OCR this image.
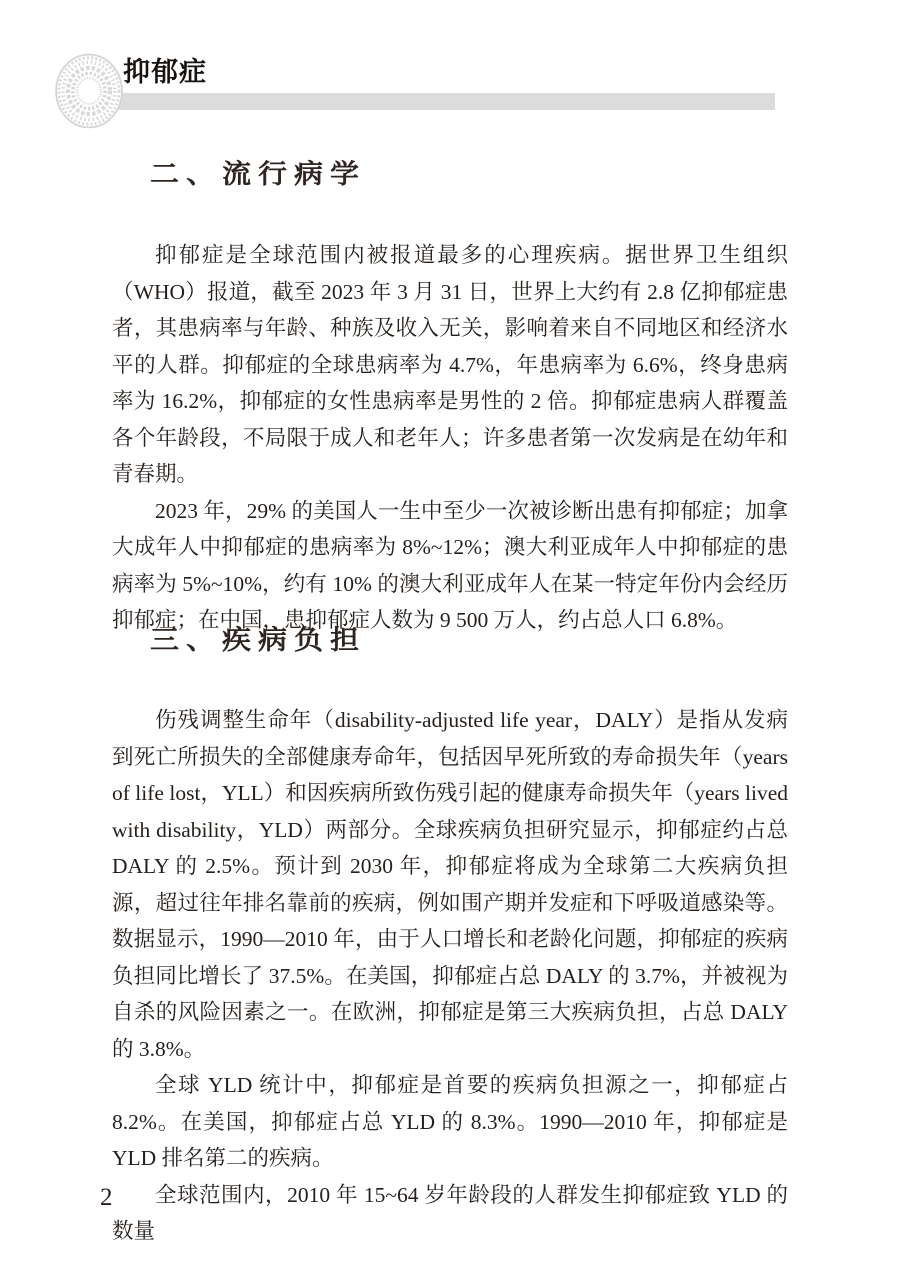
抑郁症
二、流行病学

抑郁症是全球范围内被报道最多的心理疾病。据世界卫生组织（WHO）报道，截至 2023 年 3 月 31 日，世界上大约有 2.8 亿抑郁症患者，其患病率与年龄、种族及收入无关，影响着来自不同地区和经济水平的人群。抑郁症的全球患病率为 4.7%，年患病率为 6.6%，终身患病率为 16.2%，抑郁症的女性患病率是男性的 2 倍。抑郁症患病人群覆盖各个年龄段，不局限于成人和老年人；许多患者第一次发病是在幼年和青春期。

2023 年，29% 的美国人一生中至少一次被诊断出患有抑郁症；加拿大成年人中抑郁症的患病率为 8%~12%；澳大利亚成年人中抑郁症的患病率为 5%~10%，约有 10% 的澳大利亚成年人在某一特定年份内会经历抑郁症；在中国，患抑郁症人数为 9 500 万人，约占总人口 6.8%。

三、疾病负担

伤残调整生命年（disability-adjusted life year，DALY）是指从发病到死亡所损失的全部健康寿命年，包括因早死所致的寿命损失年（years of life lost，YLL）和因疾病所致伤残引起的健康寿命损失年（years lived with disability，YLD）两部分。全球疾病负担研究显示，抑郁症约占总 DALY 的 2.5%。预计到 2030 年，抑郁症将成为全球第二大疾病负担源，超过往年排名靠前的疾病，例如围产期并发症和下呼吸道感染等。数据显示，1990—2010 年，由于人口增长和老龄化问题，抑郁症的疾病负担同比增长了 37.5%。在美国，抑郁症占总 DALY 的 3.7%，并被视为自杀的风险因素之一。在欧洲，抑郁症是第三大疾病负担，占总 DALY 的 3.8%。

全球 YLD 统计中，抑郁症是首要的疾病负担源之一，抑郁症占 8.2%。在美国，抑郁症占总 YLD 的 8.3%。1990—2010 年，抑郁症是 YLD 排名第二的疾病。

全球范围内，2010 年 15~64 岁年龄段的人群发生抑郁症致 YLD 的数量

2
